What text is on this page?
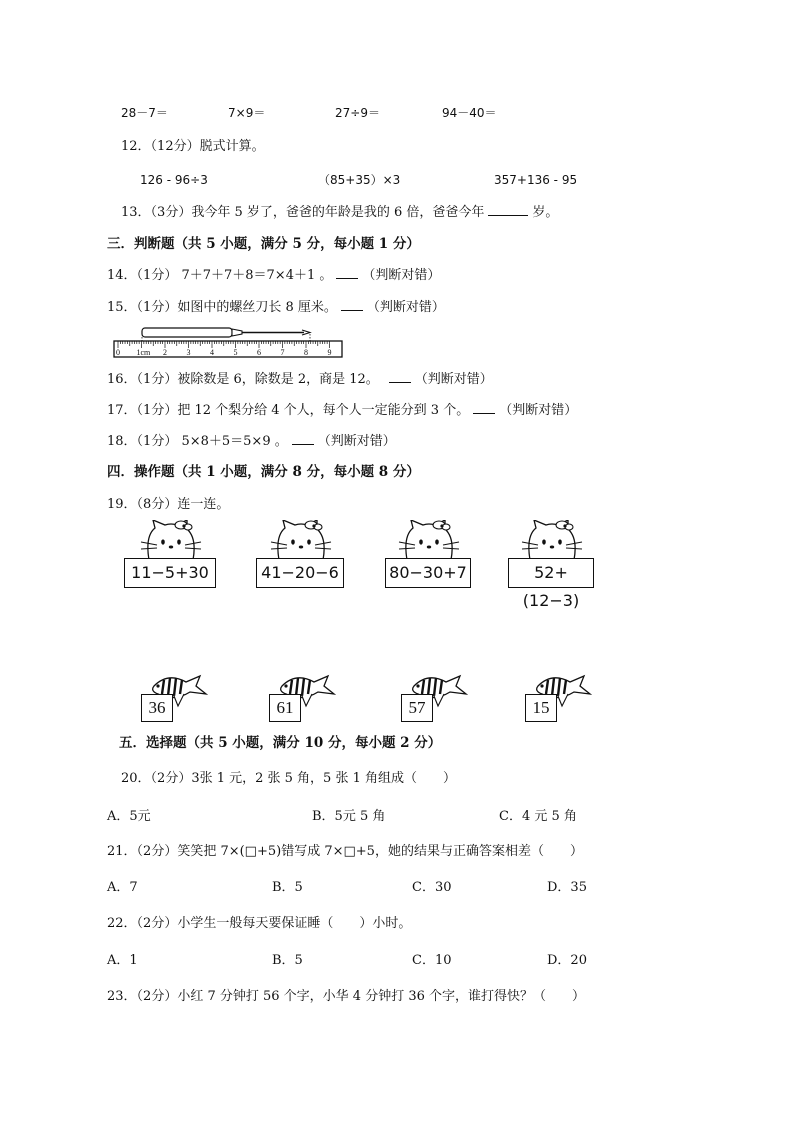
28－7＝	7×9＝	27÷9＝	94－40＝
12．（12分）脱式计算。
126 - 96÷3	（85+35）×3	357+136 - 95
13．（3分）我今年 5 岁了，爸爸的年龄是我的 6 倍，爸爸今年	岁。
三．判断题（共 5 小题，满分 5 分，每小题 1 分）
14．（1分） 7＋7＋7＋8＝7×4＋1 。 （判断对错）
15．（1分）如图中的螺丝刀长 8 厘米。 （判断对错）
0 1cm 2 3 4 5 6 7 8 9
16．（1分）被除数是 6，除数是 2，商是 12。	（判断对错）
17．（1分）把 12 个梨分给 4 个人，每个人一定能分到 3 个。 （判断对错）
18．（1分） 5×8＋5＝5×9 。 （判断对错）
四．操作题（共 1 小题，满分 8 分，每小题 8 分）
19．（8分）连一连。
11−5+30	41−20−6	80−30+7	52+(12−3)
36	61	57	15
五．选择题（共 5 小题，满分 10 分，每小题 2 分）
20．（2分）3张 1 元，2 张 5 角，5 张 1 角组成（　　）
A．5元	B．5元 5 角	C．4 元 5 角
21．（2分）笑笑把 7×(□+5)错写成 7×□+5，她的结果与正确答案相差（　　）
A．7	B．5	C．30	D．35
22．（2分）小学生一般每天要保证睡（　　）小时。
A．1	B．5	C．10	D．20
23．（2分）小红 7 分钟打 56 个字，小华 4 分钟打 36 个字，谁打得快？（　　）
